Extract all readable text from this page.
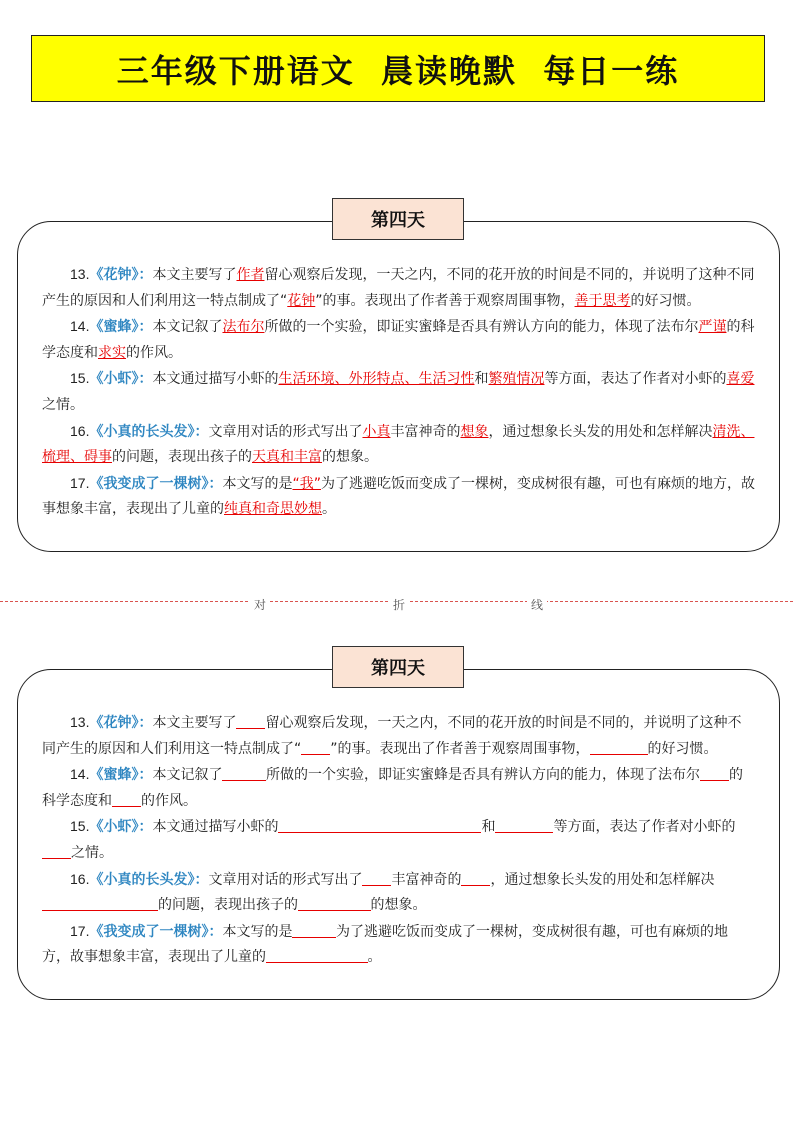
三年级下册语文  晨读晚默  每日一练

13.《花钟》：本文主要写了作者留心观察后发现，一天之内，不同的花开放的时间是不同的，并说明了这种不同产生的原因和人们利用这一特点制成了“花钟”的事。表现出了作者善于观察周围事物，善于思考的好习惯。

14.《蜜蜂》：本文记叙了法布尔所做的一个实验，即证实蜜蜂是否具有辨认方向的能力，体现了法布尔严谨的科学态度和求实的作风。

15.《小虾》：本文通过描写小虾的生活环境、外形特点、生活习性和繁殖情况等方面，表达了作者对小虾的喜爱之情。

16.《小真的长头发》：文章用对话的形式写出了小真丰富神奇的想象，通过想象长头发的用处和怎样解决清洗、梳理、碍事的问题，表现出孩子的天真和丰富的想象。

17.《我变成了一棵树》：本文写的是“我”为了逃避吃饭而变成了一棵树，变成树很有趣，可也有麻烦的地方，故事想象丰富，表现出了儿童的纯真和奇思妙想。

第四天
对	折	线

13.《花钟》：本文主要写了 留心观察后发现，一天之内，不同的花开放的时间是不同的，并说明了这种不同产生的原因和人们利用这一特点制成了“ ”的事。表现出了作者善于观察周围事物，	的好习惯。

14.《蜜蜂》：本文记叙了	所做的一个实验，即证实蜜蜂是否具有辨认方向的能力，体现了法布尔 的科学态度和 的作风。

15.《小虾》：本文通过描写小虾的	和	等方面，表达了作者对小虾的之情。

16.《小真的长头发》：文章用对话的形式写出了 丰富神奇的 ，通过想象长头发的用处和怎样解决的问题，表现出孩子的	的想象。

17.《我变成了一棵树》：本文写的是	为了逃避吃饭而变成了一棵树，变成树很有趣，可也有麻烦的地方，故事想象丰富，表现出了儿童的	。

第四天
